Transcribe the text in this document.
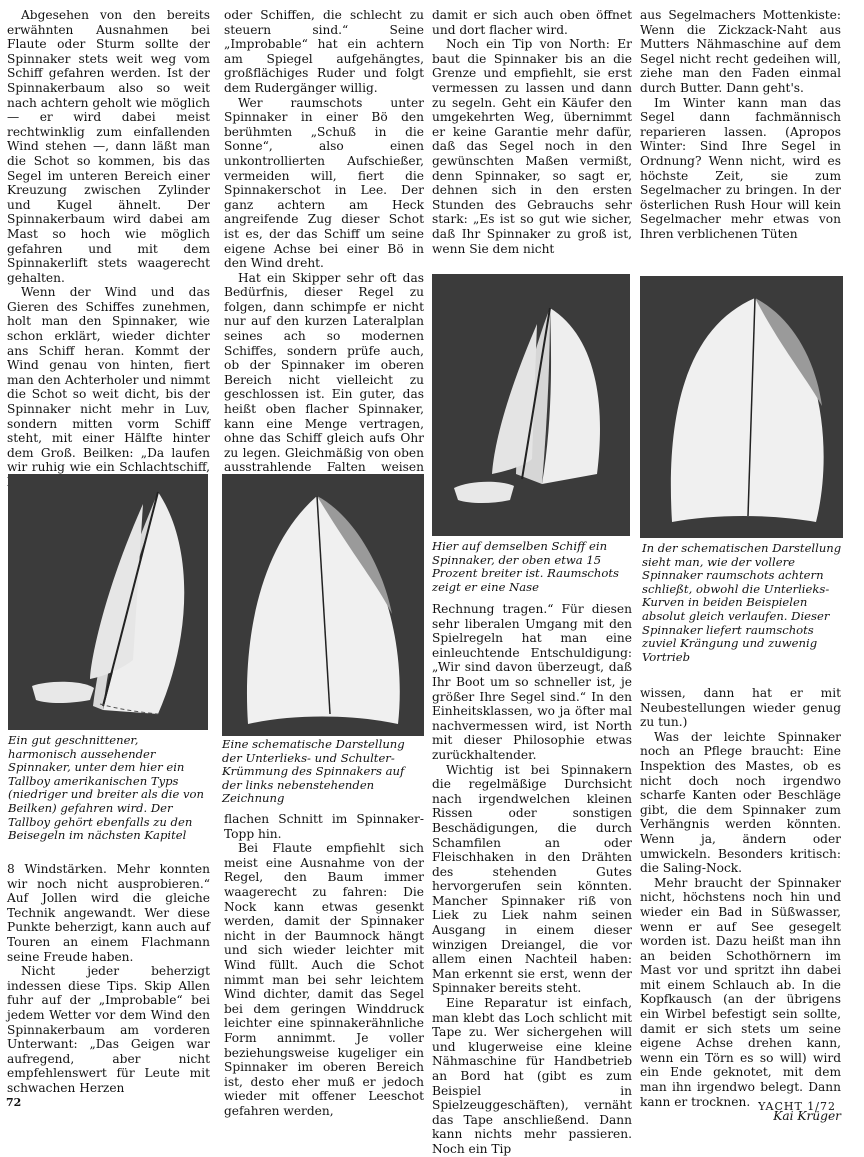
Abgesehen von den bereits erwähnten Ausnahmen bei Flaute oder Sturm sollte der Spinnaker stets weit weg vom Schiff gefahren werden. Ist der Spinnakerbaum also so weit nach achtern geholt wie möglich — er wird dabei meist rechtwinklig zum einfallenden Wind stehen —, dann läßt man die Schot so kommen, bis das Segel im unteren Bereich einer Kreuzung zwischen Zylinder und Kugel ähnelt. Der Spinnakerbaum wird dabei am Mast so hoch wie möglich gefahren und mit dem Spinnakerlift stets waagerecht gehalten.

Wenn der Wind und das Gieren des Schiffes zunehmen, holt man den Spinnaker, wie schon erklärt, wieder dichter ans Schiff heran. Kommt der Wind genau von hinten, fiert man den Achterholer und nimmt die Schot so weit dicht, bis der Spinnaker nicht mehr in Luv, sondern mitten vorm Schiff steht, mit einer Hälfte hinter dem Groß. Beilken: „Da laufen wir ruhig wie ein Schlachtschiff,

oder Schiffen, die schlecht zu steuern sind.“ Seine „Improbable“ hat ein achtern am Spiegel aufgehängtes, großflächiges Ruder und folgt dem Rudergänger willig.

Wer raumschots unter Spinnaker in einer Bö den berühmten „Schuß in die Sonne“, also einen unkontrollierten Aufschießer, vermeiden will, fiert die Spinnakerschot in Lee. Der ganz achtern am Heck angreifende Zug dieser Schot ist es, der das Schiff um seine eigene Achse bei einer Bö in den Wind dreht.

Hat ein Skipper sehr oft das Bedürfnis, dieser Regel zu folgen, dann schimpfe er nicht nur auf den kurzen Lateralplan seines ach so modernen Schiffes, sondern prüfe auch, ob der Spinnaker im oberen Bereich nicht vielleicht zu geschlossen ist. Ein guter, das heißt oben flacher Spinnaker, kann eine Menge vertragen, ohne das Schiff gleich aufs Ohr zu legen. Gleichmäßig von oben ausstrahlende Falten weisen

damit er sich auch oben öffnet und dort flacher wird.

Noch ein Tip von North: Er baut die Spinnaker bis an die Grenze und empfiehlt, sie erst vermessen zu lassen und dann zu segeln. Geht ein Käufer den umgekehrten Weg, übernimmt er keine Garantie mehr dafür, daß das Segel noch in den gewünschten Maßen vermißt, denn Spinnaker, so sagt er, dehnen sich in den ersten Stunden des Gebrauchs sehr stark: „Es ist so gut wie sicher, daß Ihr Spinnaker zu groß ist, wenn Sie dem nicht

aus Segelmachers Mottenkiste: Wenn die Zickzack-Naht aus Mutters Nähmaschine auf dem Segel nicht recht gedeihen will, ziehe man den Faden einmal durch Butter. Dann geht's.

Im Winter kann man das Segel dann fachmännisch reparieren lassen. (Apropos Winter: Sind Ihre Segel in Ordnung? Wenn nicht, wird es höchste Zeit, sie zum Segelmacher zu bringen. In der österlichen Rush Hour will kein Segelmacher mehr etwas von Ihren verblichenen Tüten

Ein gut geschnittener, harmonisch aussehender Spinnaker, unter dem hier ein Tallboy amerikanischen Typs (niedriger und breiter als die von Beilken) gefahren wird. Der Tallboy gehört ebenfalls zu den Beisegeln im nächsten Kapitel
Eine schematische Darstellung der Unterlieks- und Schulter-Krümmung des Spinnakers auf der links nebenstehenden Zeichnung
Hier auf demselben Schiff ein Spinnaker, der oben etwa 15 Prozent breiter ist. Raumschots zeigt er eine Nase
In der schematischen Darstellung sieht man, wie der vollere Spinnaker raumschots achtern schließt, obwohl die Unterlieks-Kurven in beiden Beispielen absolut gleich verlaufen. Dieser Spinnaker liefert raumschots zuviel Krängung und zuwenig Vortrieb

8 Windstärken. Mehr konnten wir noch nicht ausprobieren.“ Auf Jollen wird die gleiche Technik angewandt. Wer diese Punkte beherzigt, kann auch auf Touren an einem Flachmann seine Freude haben.

Nicht jeder beherzigt indessen diese Tips. Skip Allen fuhr auf der „Improbable“ bei jedem Wetter vor dem Wind den Spinnakerbaum am vorderen Unterwant: „Das Geigen war aufregend, aber nicht empfehlenswert für Leute mit schwachen Herzen

flachen Schnitt im Spinnaker-Topp hin.

Bei Flaute empfiehlt sich meist eine Ausnahme von der Regel, den Baum immer waagerecht zu fahren: Die Nock kann etwas gesenkt werden, damit der Spinnaker nicht in der Baumnock hängt und sich wieder leichter mit Wind füllt. Auch die Schot nimmt man bei sehr leichtem Wind dichter, damit das Segel bei dem geringen Winddruck leichter eine spinnakerähnliche Form annimmt. Je voller beziehungsweise kugeliger ein Spinnaker im oberen Bereich ist, desto eher muß er jedoch wieder mit offener Leeschot gefahren werden,

Rechnung tragen.“ Für diesen sehr liberalen Umgang mit den Spielregeln hat man eine einleuchtende Entschuldigung: „Wir sind davon überzeugt, daß Ihr Boot um so schneller ist, je größer Ihre Segel sind.“ In den Einheitsklassen, wo ja öfter mal nachvermessen wird, ist North mit dieser Philosophie etwas zurückhaltender.

Wichtig ist bei Spinnakern die regelmäßige Durchsicht nach irgendwelchen kleinen Rissen oder sonstigen Beschädigungen, die durch Schamfilen an oder Fleischhaken in den Drähten des stehenden Gutes hervorgerufen sein könnten. Mancher Spinnaker riß von Liek zu Liek nahm seinen Ausgang in einem dieser winzigen Dreiangel, die vor allem einen Nachteil haben: Man erkennt sie erst, wenn der Spinnaker bereits steht.

Eine Reparatur ist einfach, man klebt das Loch schlicht mit Tape zu. Wer sichergehen will und klugerweise eine kleine Nähmaschine für Handbetrieb an Bord hat (gibt es zum Beispiel in Spielzeuggeschäften), vernäht das Tape anschließend. Dann kann nichts mehr passieren. Noch ein Tip

wissen, dann hat er mit Neubestellungen wieder genug zu tun.)

Was der leichte Spinnaker noch an Pflege braucht: Eine Inspektion des Mastes, ob es nicht doch noch irgendwo scharfe Kanten oder Beschläge gibt, die dem Spinnaker zum Verhängnis werden könnten. Wenn ja, ändern oder umwickeln. Besonders kritisch: die Saling-Nock.

Mehr braucht der Spinnaker nicht, höchstens noch hin und wieder ein Bad in Süßwasser, wenn er auf See gesegelt worden ist. Dazu heißt man ihn an beiden Schothörnern im Mast vor und spritzt ihn dabei mit einem Schlauch ab. In die Kopfkausch (an der übrigens ein Wirbel befestigt sein sollte, damit er sich stets um seine eigene Achse drehen kann, wenn ein Törn es so will) wird ein Ende geknotet, mit dem man ihn irgendwo belegt. Dann kann er trocknen.

Kai Krüger
72	YACHT 1/72
